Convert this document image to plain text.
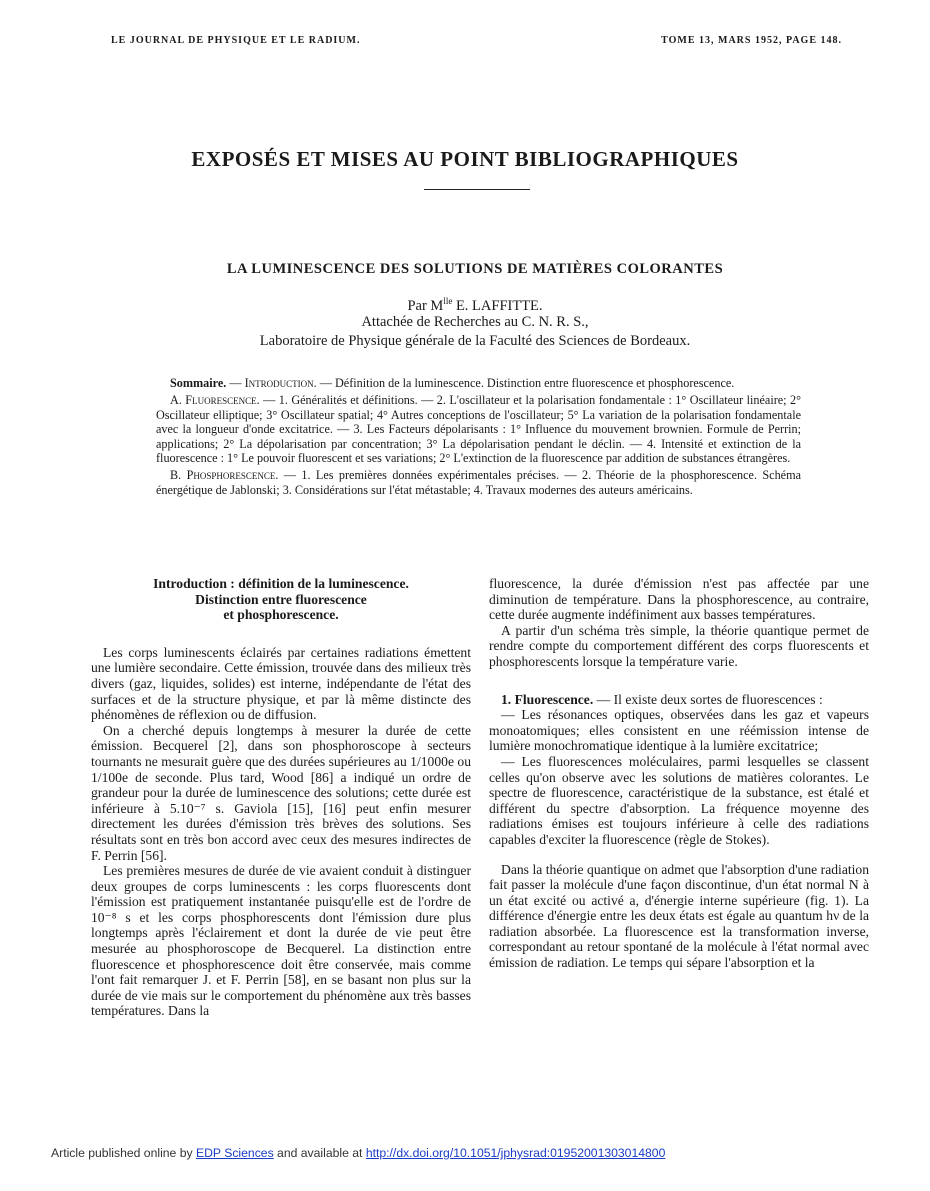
LE JOURNAL DE PHYSIQUE ET LE RADIUM.	TOME 13, MARS 1952, PAGE 148.
EXPOSÉS ET MISES AU POINT BIBLIOGRAPHIQUES
LA LUMINESCENCE DES SOLUTIONS DE MATIÈRES COLORANTES
Par $M^{lle}$ E. LAFFITTE.
Attachée de Recherches au C. N. R. S.,
Laboratoire de Physique générale de la Faculté des Sciences de Bordeaux.

Sommaire. — Introduction. — Définition de la luminescence. Distinction entre fluorescence et phosphorescence.

A. Fluorescence. — 1. Généralités et définitions. — 2. L'oscillateur et la polarisation fondamentale : 1° Oscillateur linéaire; 2° Oscillateur elliptique; 3° Oscillateur spatial; 4° Autres conceptions de l'oscillateur; 5° La variation de la polarisation fondamentale avec la longueur d'onde excitatrice. — 3. Les Facteurs dépolarisants : 1° Influence du mouvement brownien. Formule de Perrin; applications; 2° La dépolarisation par concentration; 3° La dépolarisation pendant le déclin. — 4. Intensité et extinction de la fluorescence : 1° Le pouvoir fluorescent et ses variations; 2° L'extinction de la fluorescence par addition de substances étrangères.

B. Phosphorescence. — 1. Les premières données expérimentales précises. — 2. Théorie de la phosphorescence. Schéma énergétique de Jablonski; 3. Considérations sur l'état métastable; 4. Travaux modernes des auteurs américains.

Introduction : définition de la luminescence.
Distinction entre fluorescence
et phosphorescence.

Les corps luminescents éclairés par certaines radiations émettent une lumière secondaire. Cette émission, trouvée dans des milieux très divers (gaz, liquides, solides) est interne, indépendante de l'état des surfaces et de la structure physique, et par là même distincte des phénomènes de réflexion ou de diffusion.

On a cherché depuis longtemps à mesurer la durée de cette émission. Becquerel [2], dans son phosphoroscope à secteurs tournants ne mesurait guère que des durées supérieures au 1/1000e ou 1/100e de seconde. Plus tard, Wood [86] a indiqué un ordre de grandeur pour la durée de luminescence des solutions; cette durée est inférieure à 5.10⁻⁷ s. Gaviola [15], [16] peut enfin mesurer directement les durées d'émission très brèves des solutions. Ses résultats sont en très bon accord avec ceux des mesures indirectes de F. Perrin [56].

Les premières mesures de durée de vie avaient conduit à distinguer deux groupes de corps luminescents : les corps fluorescents dont l'émission est pratiquement instantanée puisqu'elle est de l'ordre de 10⁻⁸ s et les corps phosphorescents dont l'émission dure plus longtemps après l'éclairement et dont la durée de vie peut être mesurée au phosphoroscope de Becquerel. La distinction entre fluorescence et phosphorescence doit être conservée, mais comme l'ont fait remarquer J. et F. Perrin [58], en se basant non plus sur la durée de vie mais sur le comportement du phénomène aux très basses températures. Dans la

fluorescence, la durée d'émission n'est pas affectée par une diminution de température. Dans la phosphorescence, au contraire, cette durée augmente indéfiniment aux basses températures.

A partir d'un schéma très simple, la théorie quantique permet de rendre compte du comportement différent des corps fluorescents et phosphorescents lorsque la température varie.

1. Fluorescence. — Il existe deux sortes de fluorescences :

— Les résonances optiques, observées dans les gaz et vapeurs monoatomiques; elles consistent en une réémission intense de lumière monochromatique identique à la lumière excitatrice;

— Les fluorescences moléculaires, parmi lesquelles se classent celles qu'on observe avec les solutions de matières colorantes. Le spectre de fluorescence, caractéristique de la substance, est étalé et différent du spectre d'absorption. La fréquence moyenne des radiations émises est toujours inférieure à celle des radiations capables d'exciter la fluorescence (règle de Stokes).

Dans la théorie quantique on admet que l'absorption d'une radiation fait passer la molécule d'une façon discontinue, d'un état normal N à un état excité ou activé a, d'énergie interne supérieure (fig. 1). La différence d'énergie entre les deux états est égale au quantum hν de la radiation absorbée. La fluorescence est la transformation inverse, correspondant au retour spontané de la molécule à l'état normal avec émission de radiation. Le temps qui sépare l'absorption et la

Article published online by EDP Sciences and available at http://dx.doi.org/10.1051/jphysrad:01952001303014800
